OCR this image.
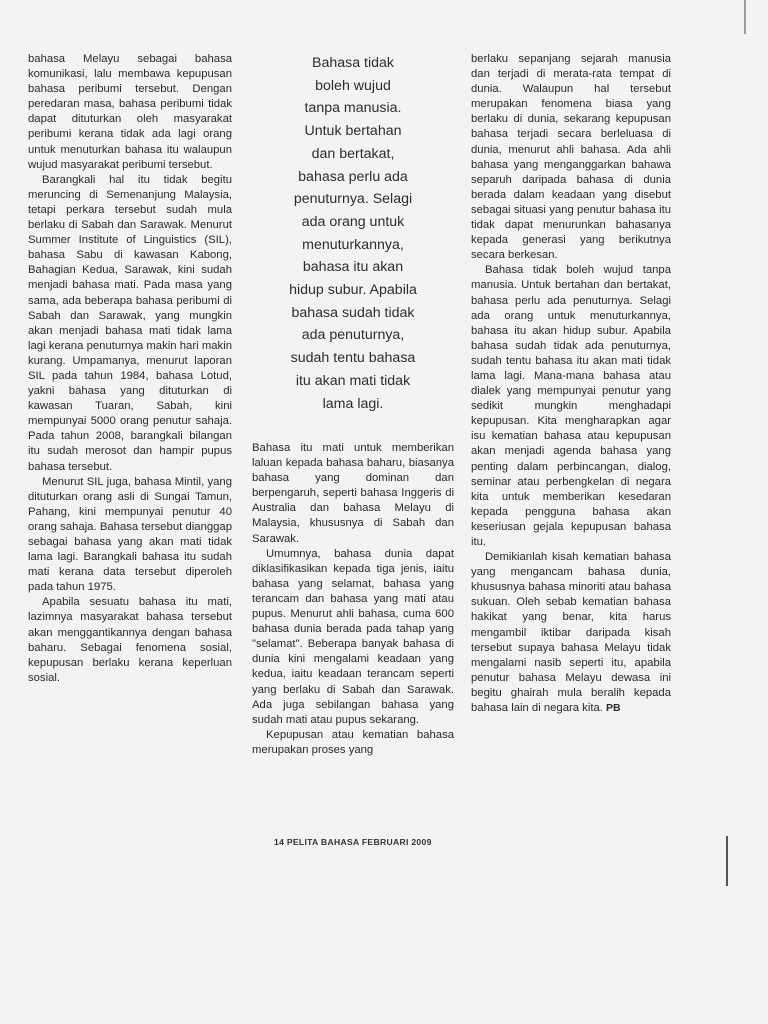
bahasa Melayu sebagai bahasa komunikasi, lalu membawa kepupusan bahasa peribumi tersebut. Dengan peredaran masa, bahasa peribumi tidak dapat dituturkan oleh masyarakat peribumi kerana tidak ada lagi orang untuk menuturkan bahasa itu walaupun wujud masyarakat peribumi tersebut.

Barangkali hal itu tidak begitu meruncing di Semenanjung Malaysia, tetapi perkara tersebut sudah mula berlaku di Sabah dan Sarawak. Menurut Summer Institute of Linguistics (SIL), bahasa Sabu di kawasan Kabong, Bahagian Kedua, Sarawak, kini sudah menjadi bahasa mati. Pada masa yang sama, ada beberapa bahasa peribumi di Sabah dan Sarawak, yang mungkin akan menjadi bahasa mati tidak lama lagi kerana penuturnya makin hari makin kurang. Umpamanya, menurut laporan SIL pada tahun 1984, bahasa Lotud, yakni bahasa yang dituturkan di kawasan Tuaran, Sabah, kini mempunyai 5000 orang penutur sahaja. Pada tahun 2008, barangkali bilangan itu sudah merosot dan hampir pupus bahasa tersebut.

Menurut SIL juga, bahasa Mintil, yang dituturkan orang asli di Sungai Tamun, Pahang, kini mempunyai penutur 40 orang sahaja. Bahasa tersebut dianggap sebagai bahasa yang akan mati tidak lama lagi. Barangkali bahasa itu sudah mati kerana data tersebut diperoleh pada tahun 1975.

Apabila sesuatu bahasa itu mati, lazimnya masyarakat bahasa tersebut akan menggantikannya dengan bahasa baharu. Sebagai fenomena sosial, kepupusan berlaku kerana keperluan sosial.

Bahasa tidak

boleh wujud

tanpa manusia.

Untuk bertahan

dan bertakat,

bahasa perlu ada

penuturnya. Selagi

ada orang untuk

menuturkannya,

bahasa itu akan

hidup subur. Apabila

bahasa sudah tidak

ada penuturnya,

sudah tentu bahasa

itu akan mati tidak

lama lagi.

Bahasa itu mati untuk memberikan laluan kepada bahasa baharu, biasanya bahasa yang dominan dan berpengaruh, seperti bahasa Inggeris di Australia dan bahasa Melayu di Malaysia, khususnya di Sabah dan Sarawak.

Umumnya, bahasa dunia dapat diklasifikasikan kepada tiga jenis, iaitu bahasa yang selamat, bahasa yang terancam dan bahasa yang mati atau pupus. Menurut ahli bahasa, cuma 600 bahasa dunia berada pada tahap yang "selamat". Beberapa banyak bahasa di dunia kini mengalami keadaan yang kedua, iaitu keadaan terancam seperti yang berlaku di Sabah dan Sarawak. Ada juga sebilangan bahasa yang sudah mati atau pupus sekarang.

Kepupusan atau kematian bahasa merupakan proses yang

berlaku sepanjang sejarah manusia dan terjadi di merata-rata tempat di dunia. Walaupun hal tersebut merupakan fenomena biasa yang berlaku di dunia, sekarang kepupusan bahasa terjadi secara berleluasa di dunia, menurut ahli bahasa. Ada ahli bahasa yang menganggarkan bahawa separuh daripada bahasa di dunia berada dalam keadaan yang disebut sebagai situasi yang penutur bahasa itu tidak dapat menurunkan bahasanya kepada generasi yang berikutnya secara berkesan.

Bahasa tidak boleh wujud tanpa manusia. Untuk bertahan dan bertakat, bahasa perlu ada penuturnya. Selagi ada orang untuk menuturkannya, bahasa itu akan hidup subur. Apabila bahasa sudah tidak ada penuturnya, sudah tentu bahasa itu akan mati tidak lama lagi. Mana-mana bahasa atau dialek yang mempunyai penutur yang sedikit mungkin menghadapi kepupusan. Kita mengharapkan agar isu kematian bahasa atau kepupusan akan menjadi agenda bahasa yang penting dalam perbincangan, dialog, seminar atau perbengkelan di negara kita untuk memberikan kesedaran kepada pengguna bahasa akan keseriusan gejala kepupusan bahasa itu.

Demikianlah kisah kematian bahasa yang mengancam bahasa dunia, khususnya bahasa minoriti atau bahasa sukuan. Oleh sebab kematian bahasa hakikat yang benar, kita harus mengambil iktibar daripada kisah tersebut supaya bahasa Melayu tidak mengalami nasib seperti itu, apabila penutur bahasa Melayu dewasa ini begitu ghairah mula beralih kepada bahasa lain di negara kita. PB

14 PELITA BAHASA FEBRUARI 2009
